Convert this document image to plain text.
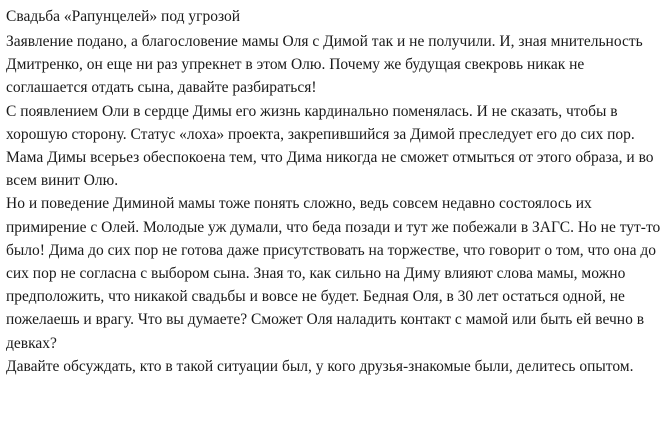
Свадьба «Рапунцелей» под угрозой

Заявление подано, а благословение мамы Оля с Димой так и не получили. И, зная мнительность Дмитренко, он еще ни раз упрекнет в этом Олю. Почему же будущая свекровь никак не соглашается отдать сына, давайте разбираться!

С появлением Оли в сердце Димы его жизнь кардинально поменялась. И не сказать, чтобы в хорошую сторону. Статус «лоха» проекта, закрепившийся за Димой преследует его до сих пор. Мама Димы всерьез обеспокоена тем, что Дима никогда не сможет отмыться от этого образа, и во всем винит Олю.

Но и поведение Диминой мамы тоже понять сложно, ведь совсем недавно состоялось их примирение с Олей. Молодые уж думали, что беда позади и тут же побежали в ЗАГС. Но не тут-то было! Дима до сих пор не готова даже присутствовать на торжестве, что говорит о том, что она до сих пор не согласна с выбором сына. Зная то, как сильно на Диму влияют слова мамы, можно предположить, что никакой свадьбы и вовсе не будет. Бедная Оля, в 30 лет остаться одной, не пожелаешь и врагу. Что вы думаете? Сможет Оля наладить контакт с мамой или быть ей вечно в девках?

Давайте обсуждать, кто в такой ситуации был, у кого друзья-знакомые были, делитесь опытом.
